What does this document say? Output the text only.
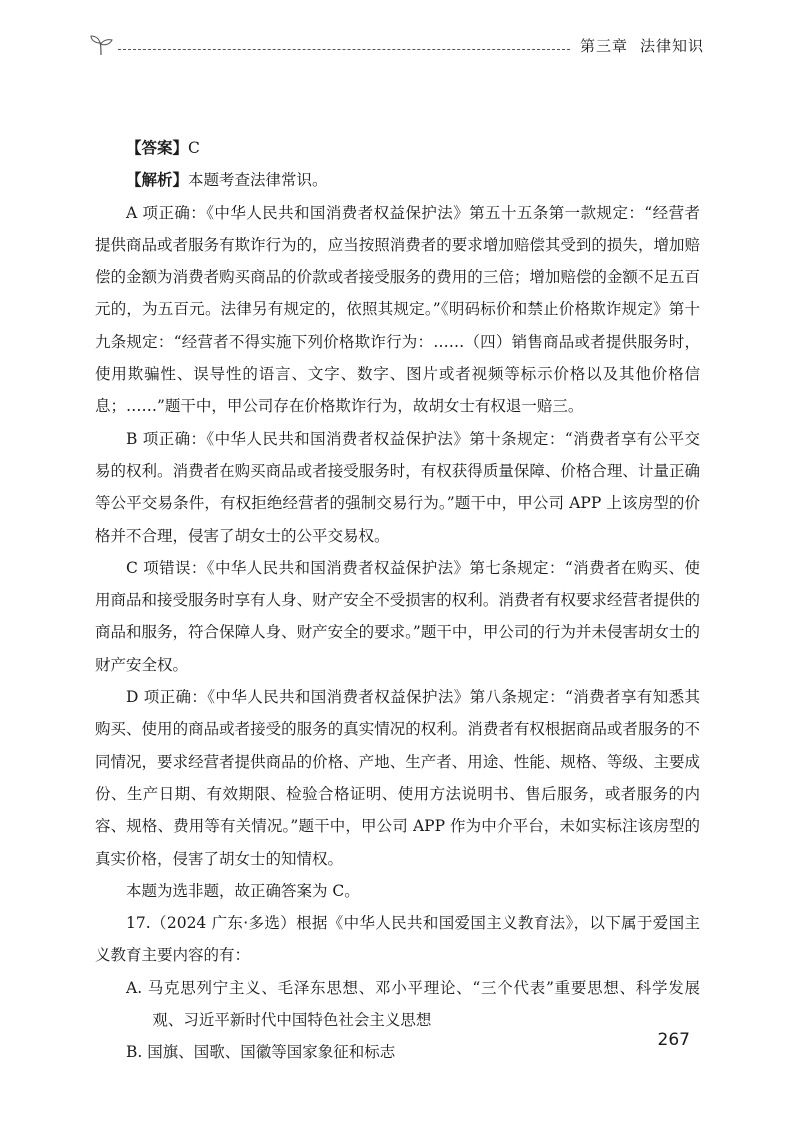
第三章 法律知识

【答案】C

【解析】本题考查法律常识。

A 项正确：《中华人民共和国消费者权益保护法》第五十五条第一款规定：“经营者提供商品或者服务有欺诈行为的，应当按照消费者的要求增加赔偿其受到的损失，增加赔偿的金额为消费者购买商品的价款或者接受服务的费用的三倍；增加赔偿的金额不足五百元的，为五百元。法律另有规定的，依照其规定。”《明码标价和禁止价格欺诈规定》第十九条规定：“经营者不得实施下列价格欺诈行为：……（四）销售商品或者提供服务时，使用欺骗性、误导性的语言、文字、数字、图片或者视频等标示价格以及其他价格信息；……”题干中，甲公司存在价格欺诈行为，故胡女士有权退一赔三。

B 项正确：《中华人民共和国消费者权益保护法》第十条规定：“消费者享有公平交易的权利。消费者在购买商品或者接受服务时，有权获得质量保障、价格合理、计量正确等公平交易条件，有权拒绝经营者的强制交易行为。”题干中，甲公司 APP 上该房型的价格并不合理，侵害了胡女士的公平交易权。

C 项错误：《中华人民共和国消费者权益保护法》第七条规定：“消费者在购买、使用商品和接受服务时享有人身、财产安全不受损害的权利。消费者有权要求经营者提供的商品和服务，符合保障人身、财产安全的要求。”题干中，甲公司的行为并未侵害胡女士的财产安全权。

D 项正确：《中华人民共和国消费者权益保护法》第八条规定：“消费者享有知悉其购买、使用的商品或者接受的服务的真实情况的权利。消费者有权根据商品或者服务的不同情况，要求经营者提供商品的价格、产地、生产者、用途、性能、规格、等级、主要成份、生产日期、有效期限、检验合格证明、使用方法说明书、售后服务，或者服务的内容、规格、费用等有关情况。”题干中，甲公司 APP 作为中介平台，未如实标注该房型的真实价格，侵害了胡女士的知情权。

本题为选非题，故正确答案为 C。

17.（2024 广东·多选）根据《中华人民共和国爱国主义教育法》，以下属于爱国主义教育主要内容的有：

A. 马克思列宁主义、毛泽东思想、邓小平理论、“三个代表”重要思想、科学发展观、习近平新时代中国特色社会主义思想
B. 国旗、国歌、国徽等国家象征和标志

267
